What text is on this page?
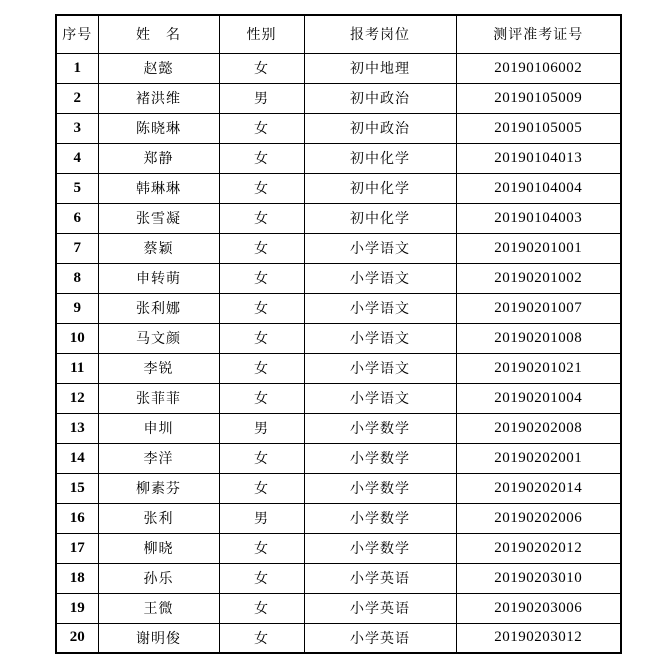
序号	姓　名	性别	报考岗位	测评准考证号
1	赵懿	女	初中地理	20190106002
2	褚洪维	男	初中政治	20190105009
3	陈晓琳	女	初中政治	20190105005
4	郑静	女	初中化学	20190104013
5	韩琳琳	女	初中化学	20190104004
6	张雪凝	女	初中化学	20190104003
7	蔡颖	女	小学语文	20190201001
8	申转萌	女	小学语文	20190201002
9	张利娜	女	小学语文	20190201007
10	马文颜	女	小学语文	20190201008
11	李锐	女	小学语文	20190201021
12	张菲菲	女	小学语文	20190201004
13	申圳	男	小学数学	20190202008
14	李洋	女	小学数学	20190202001
15	柳素芬	女	小学数学	20190202014
16	张利	男	小学数学	20190202006
17	柳晓	女	小学数学	20190202012
18	孙乐	女	小学英语	20190203010
19	王微	女	小学英语	20190203006
20	谢明俊	女	小学英语	20190203012
